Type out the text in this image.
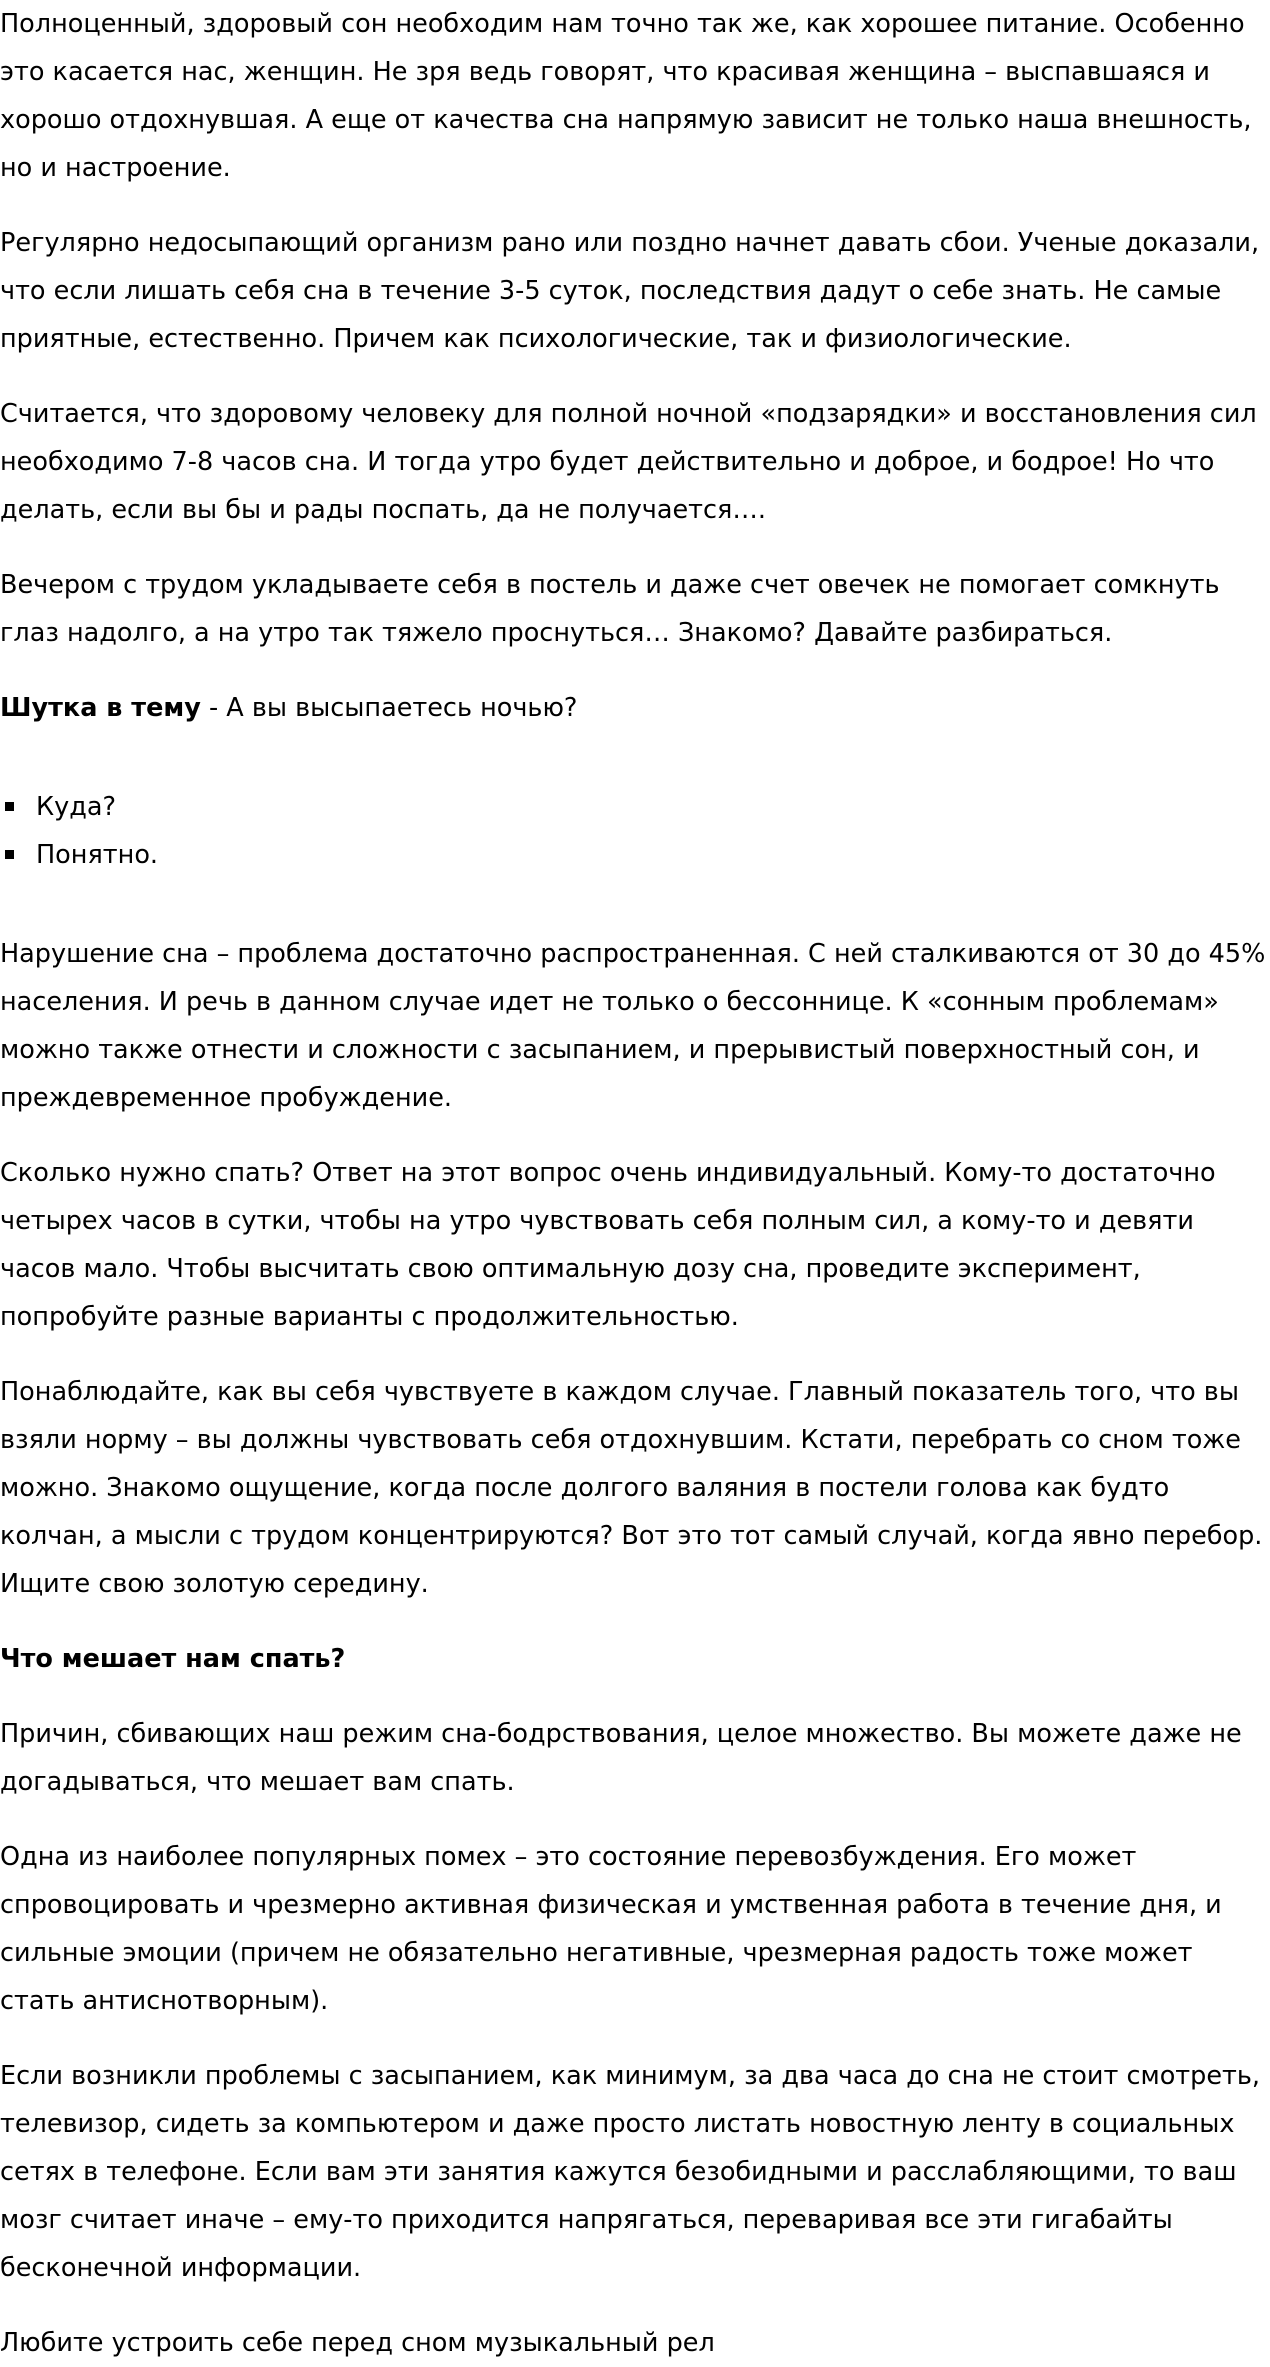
Полноценный, здоровый сон необходим нам точно так же, как хорошее питание. Особенно это касается нас, женщин. Не зря ведь говорят, что красивая женщина – выспавшаяся и хорошо отдохнувшая. А еще от качества сна напрямую зависит не только наша внешность, но и настроение.

Регулярно недосыпающий организм рано или поздно начнет давать сбои. Ученые доказали, что если лишать себя сна в течение 3-5 суток, последствия дадут о себе знать. Не самые приятные, естественно. Причем как психологические, так и физиологические.

Считается, что здоровому человеку для полной ночной «подзарядки» и восстановления сил необходимо 7-8 часов сна. И тогда утро будет действительно и доброе, и бодрое! Но что делать, если вы бы и рады поспать, да не получается….

Вечером с трудом укладываете себя в постель и даже счет овечек не помогает сомкнуть глаз надолго, а на утро так тяжело проснуться… Знакомо? Давайте разбираться.

Шутка в тему - А вы высыпаетесь ночью?

Куда?
Понятно.

Нарушение сна – проблема достаточно распространенная. С ней сталкиваются от 30 до 45% населения. И речь в данном случае идет не только о бессоннице. К «сонным проблемам» можно также отнести и сложности с засыпанием, и прерывистый поверхностный сон, и преждевременное пробуждение.

Сколько нужно спать? Ответ на этот вопрос очень индивидуальный. Кому-то достаточно четырех часов в сутки, чтобы на утро чувствовать себя полным сил, а кому-то и девяти часов мало. Чтобы высчитать свою оптимальную дозу сна, проведите эксперимент, попробуйте разные варианты с продолжительностью.

Понаблюдайте, как вы себя чувствуете в каждом случае. Главный показатель того, что вы взяли норму – вы должны чувствовать себя отдохнувшим. Кстати, перебрать со сном тоже можно. Знакомо ощущение, когда после долгого валяния в постели голова как будто колчан, а мысли с трудом концентрируются? Вот это тот самый случай, когда явно перебор. Ищите свою золотую середину.

Что мешает нам спать?

Причин, сбивающих наш режим сна-бодрствования, целое множество. Вы можете даже не догадываться, что мешает вам спать.

Одна из наиболее популярных помех – это состояние перевозбуждения. Его может спровоцировать и чрезмерно активная физическая и умственная работа в течение дня, и сильные эмоции (причем не обязательно негативные, чрезмерная радость тоже может стать антиснотворным).

Если возникли проблемы с засыпанием, как минимум, за два часа до сна не стоит смотреть, телевизор, сидеть за компьютером и даже просто листать новостную ленту в социальных сетях в телефоне. Если вам эти занятия кажутся безобидными и расслабляющими, то ваш мозг считает иначе – ему-то приходится напрягаться, переваривая все эти гигабайты бесконечной информации.

Любите устроить себе перед сном музыкальный рел
